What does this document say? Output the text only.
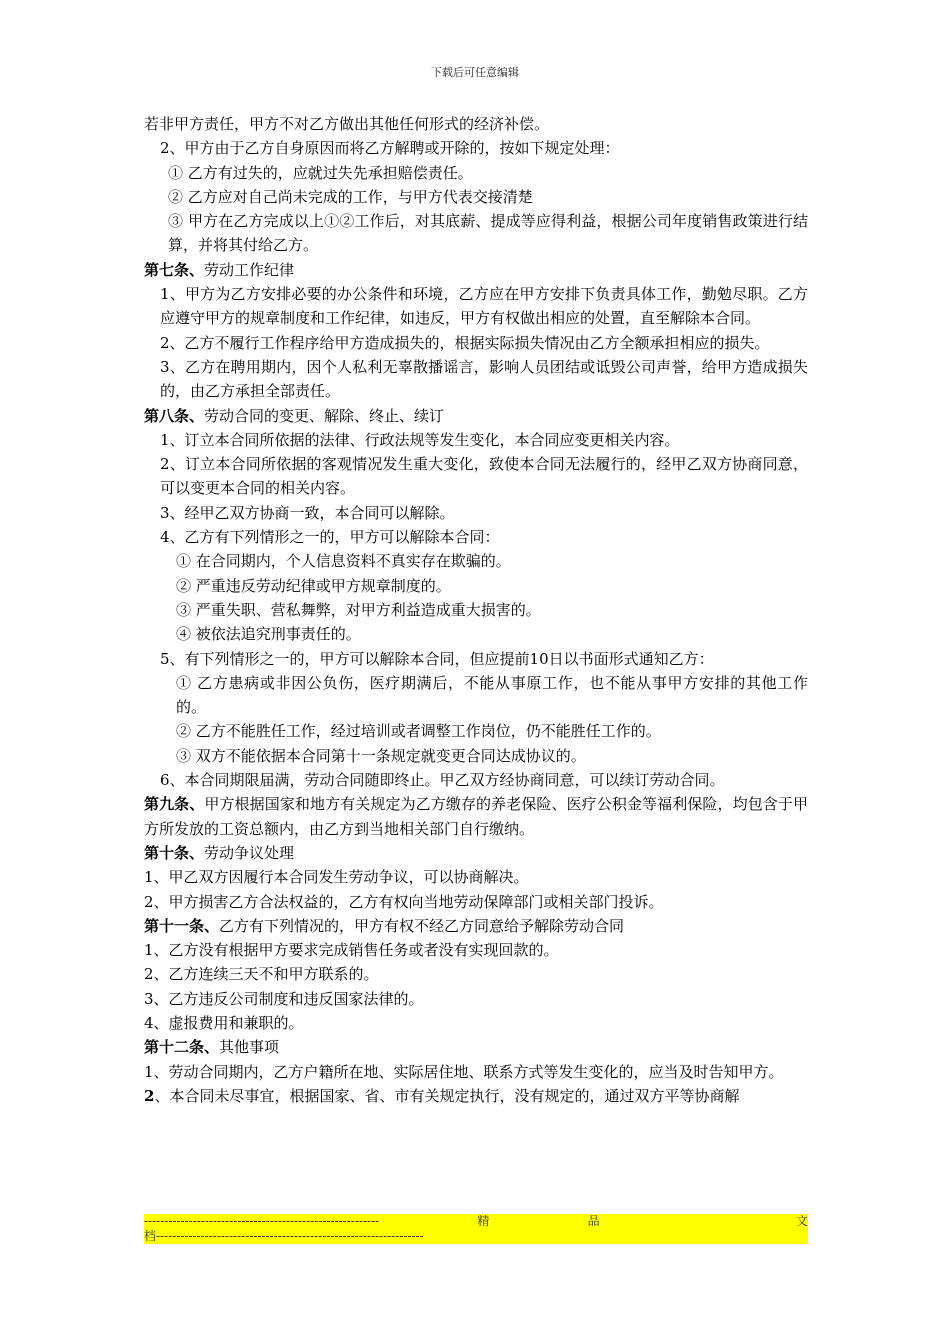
下载后可任意编辑
若非甲方责任，甲方不对乙方做出其他任何形式的经济补偿。
2、甲方由于乙方自身原因而将乙方解聘或开除的，按如下规定处理：
① 乙方有过失的，应就过失先承担赔偿责任。
② 乙方应对自己尚未完成的工作，与甲方代表交接清楚
③ 甲方在乙方完成以上①②工作后，对其底薪、提成等应得利益，根据公司年度销售政策进行结算，并将其付给乙方。
第七条、劳动工作纪律
1、甲方为乙方安排必要的办公条件和环境，乙方应在甲方安排下负责具体工作，勤勉尽职。乙方应遵守甲方的规章制度和工作纪律，如违反，甲方有权做出相应的处置，直至解除本合同。
2、乙方不履行工作程序给甲方造成损失的，根据实际损失情况由乙方全额承担相应的损失。
3、乙方在聘用期内，因个人私利无辜散播谣言，影响人员团结或诋毁公司声誉，给甲方造成损失的，由乙方承担全部责任。
第八条、劳动合同的变更、解除、终止、续订
1、订立本合同所依据的法律、行政法规等发生变化，本合同应变更相关内容。
2、订立本合同所依据的客观情况发生重大变化，致使本合同无法履行的，经甲乙双方协商同意，可以变更本合同的相关内容。
3、经甲乙双方协商一致，本合同可以解除。
4、乙方有下列情形之一的，甲方可以解除本合同：
① 在合同期内，个人信息资料不真实存在欺骗的。
② 严重违反劳动纪律或甲方规章制度的。
③ 严重失职、营私舞弊，对甲方利益造成重大损害的。
④ 被依法追究刑事责任的。
5、有下列情形之一的，甲方可以解除本合同，但应提前10日以书面形式通知乙方：
① 乙方患病或非因公负伤，医疗期满后，不能从事原工作，也不能从事甲方安排的其他工作的。
② 乙方不能胜任工作，经过培训或者调整工作岗位，仍不能胜任工作的。
③ 双方不能依据本合同第十一条规定就变更合同达成协议的。
6、本合同期限届满，劳动合同随即终止。甲乙双方经协商同意，可以续订劳动合同。
第九条、甲方根据国家和地方有关规定为乙方缴存的养老保险、医疗公积金等福利保险，均包含于甲方所发放的工资总额内，由乙方到当地相关部门自行缴纳。
第十条、劳动争议处理
1、甲乙双方因履行本合同发生劳动争议，可以协商解决。
2、甲方损害乙方合法权益的，乙方有权向当地劳动保障部门或相关部门投诉。
第十一条、乙方有下列情况的，甲方有权不经乙方同意给予解除劳动合同
1、乙方没有根据甲方要求完成销售任务或者没有实现回款的。
2、乙方连续三天不和甲方联系的。
3、乙方违反公司制度和违反国家法律的。
4、虚报费用和兼职的。
第十二条、其他事项
1、劳动合同期内，乙方户籍所在地、实际居住地、联系方式等发生变化的，应当及时告知甲方。
2、本合同未尽事宜，根据国家、省、市有关规定执行，没有规定的，通过双方平等协商解
----------------------------------------------------------	精	品	文
档------------------------------------------------------------------
